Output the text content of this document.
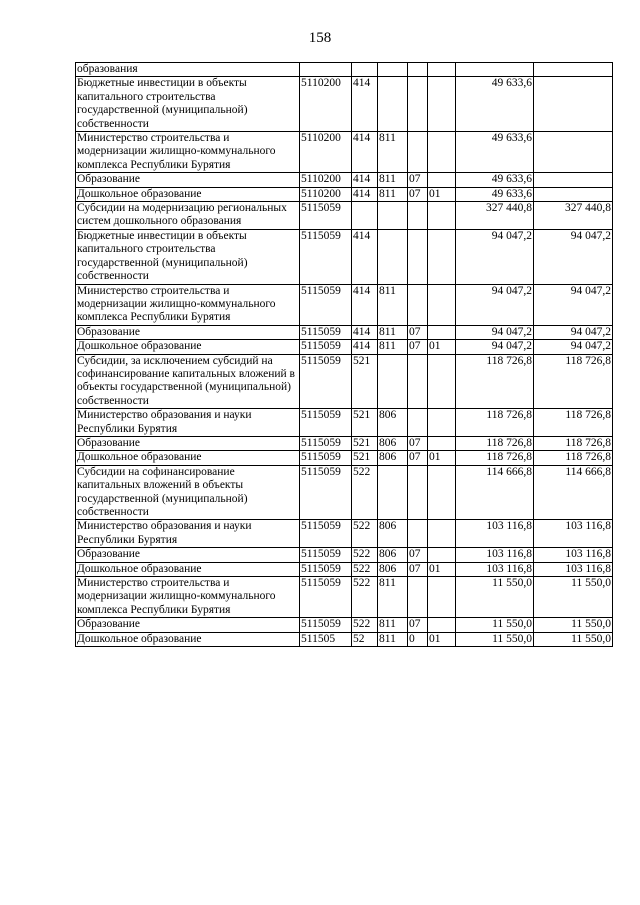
158
образования							
Бюджетные инвестиции в объекты капитального строительства государственной (муниципальной) собственности	5110200	414				49 633,6	
Министерство строительства и модернизации жилищно-коммунального комплекса Республики Бурятия	5110200	414	811			49 633,6	
Образование	5110200	414	811	07		49 633,6	
Дошкольное образование	5110200	414	811	07	01	49 633,6	
Субсидии на модернизацию региональных систем дошкольного образования	5115059					327 440,8	327 440,8
Бюджетные инвестиции в объекты капитального строительства государственной (муниципальной) собственности	5115059	414				94 047,2	94 047,2
Министерство строительства и модернизации жилищно-коммунального комплекса Республики Бурятия	5115059	414	811			94 047,2	94 047,2
Образование	5115059	414	811	07		94 047,2	94 047,2
Дошкольное образование	5115059	414	811	07	01	94 047,2	94 047,2
Субсидии, за исключением субсидий на софинансирование капитальных вложений в объекты государственной (муниципальной) собственности	5115059	521				118 726,8	118 726,8
Министерство образования и науки Республики Бурятия	5115059	521	806			118 726,8	118 726,8
Образование	5115059	521	806	07		118 726,8	118 726,8
Дошкольное образование	5115059	521	806	07	01	118 726,8	118 726,8
Субсидии на софинансирование капитальных вложений в объекты государственной (муниципальной) собственности	5115059	522				114 666,8	114 666,8
Министерство образования и науки Республики Бурятия	5115059	522	806			103 116,8	103 116,8
Образование	5115059	522	806	07		103 116,8	103 116,8
Дошкольное образование	5115059	522	806	07	01	103 116,8	103 116,8
Министерство строительства и модернизации жилищно-коммунального комплекса Республики Бурятия	5115059	522	811			11 550,0	11 550,0
Образование	5115059	522	811	07		11 550,0	11 550,0
Дошкольное образование	511505	52	811	0	01	11 550,0	11 550,0
